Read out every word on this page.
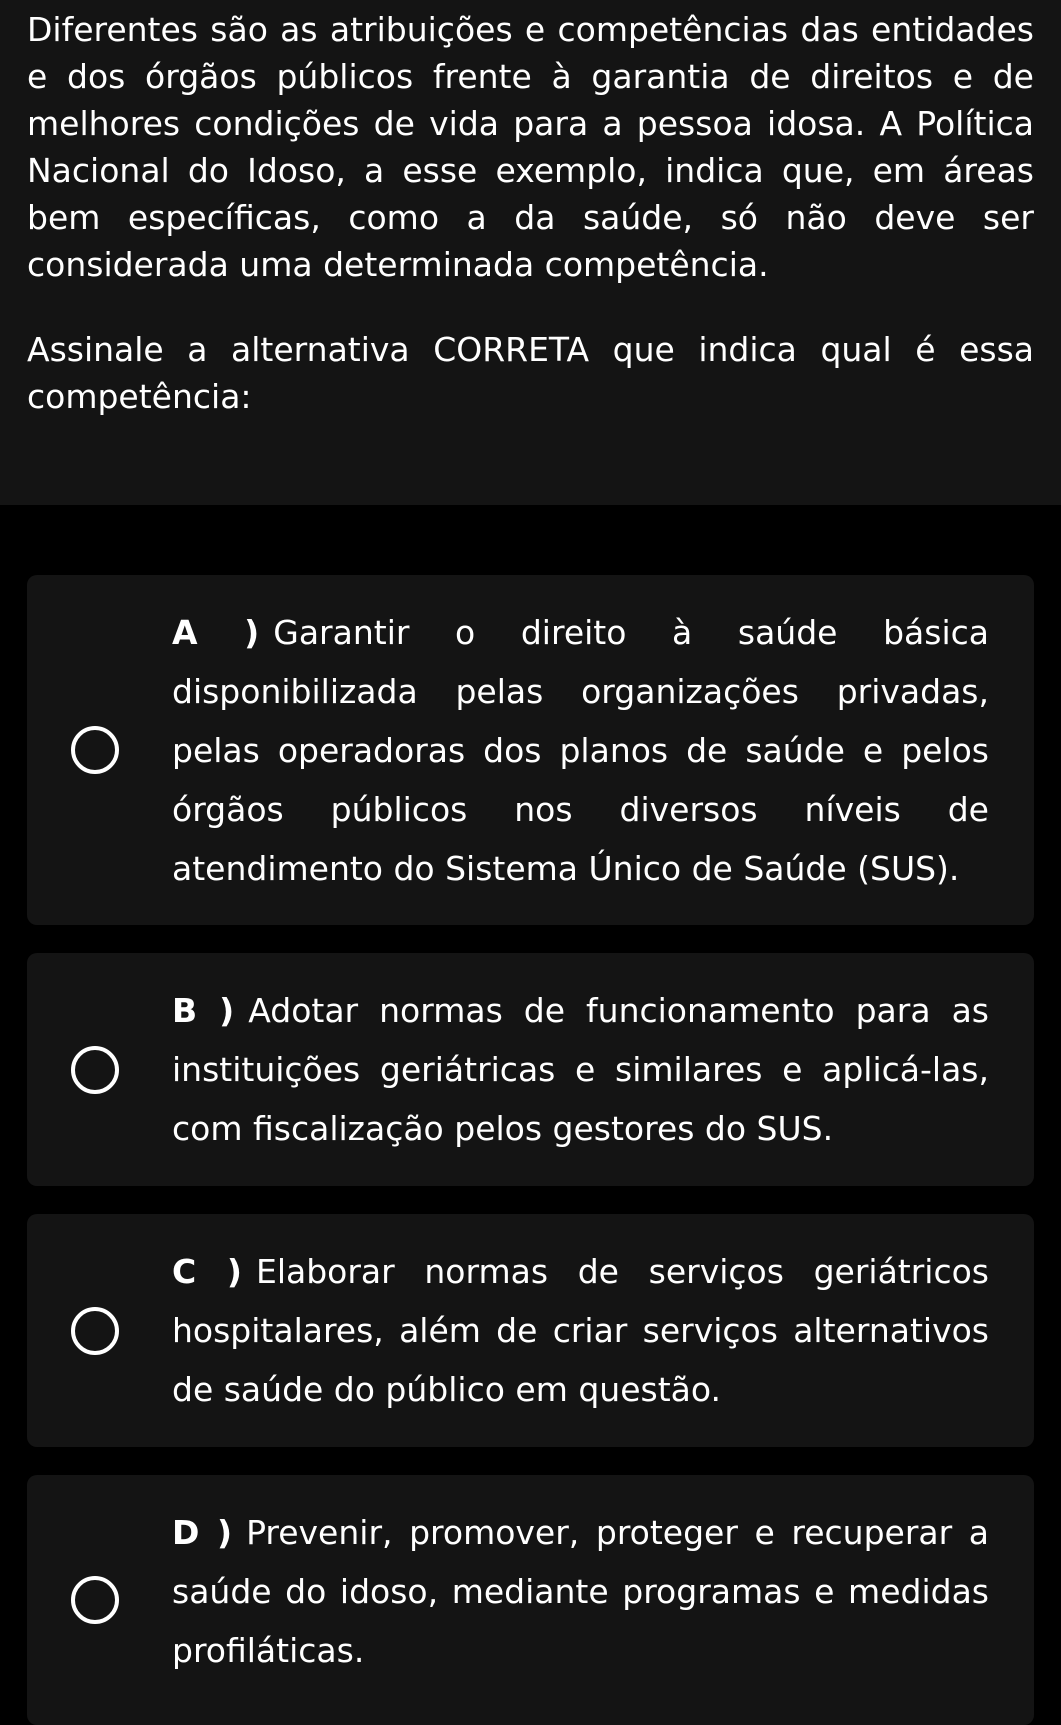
Diferentes são as atribuições e competências das entidades e dos órgãos públicos frente à garantia de direitos e de melhores condições de vida para a pessoa idosa. A Política Nacional do Idoso, a esse exemplo, indica que, em áreas bem específicas, como a da saúde, só não deve ser considerada uma determinada competência.

Assinale a alternativa CORRETA que indica qual é essa competência:

A ) Garantir o direito à saúde básica disponibilizada pelas organizações privadas, pelas operadoras dos planos de saúde e pelos órgãos públicos nos diversos níveis de atendimento do Sistema Único de Saúde (SUS).
B ) Adotar normas de funcionamento para as instituições geriátricas e similares e aplicá-las, com fiscalização pelos gestores do SUS.
C ) Elaborar normas de serviços geriátricos hospitalares, além de criar serviços alternativos de saúde do público em questão.
D ) Prevenir, promover, proteger e recuperar a saúde do idoso, mediante programas e medidas profiláticas.
